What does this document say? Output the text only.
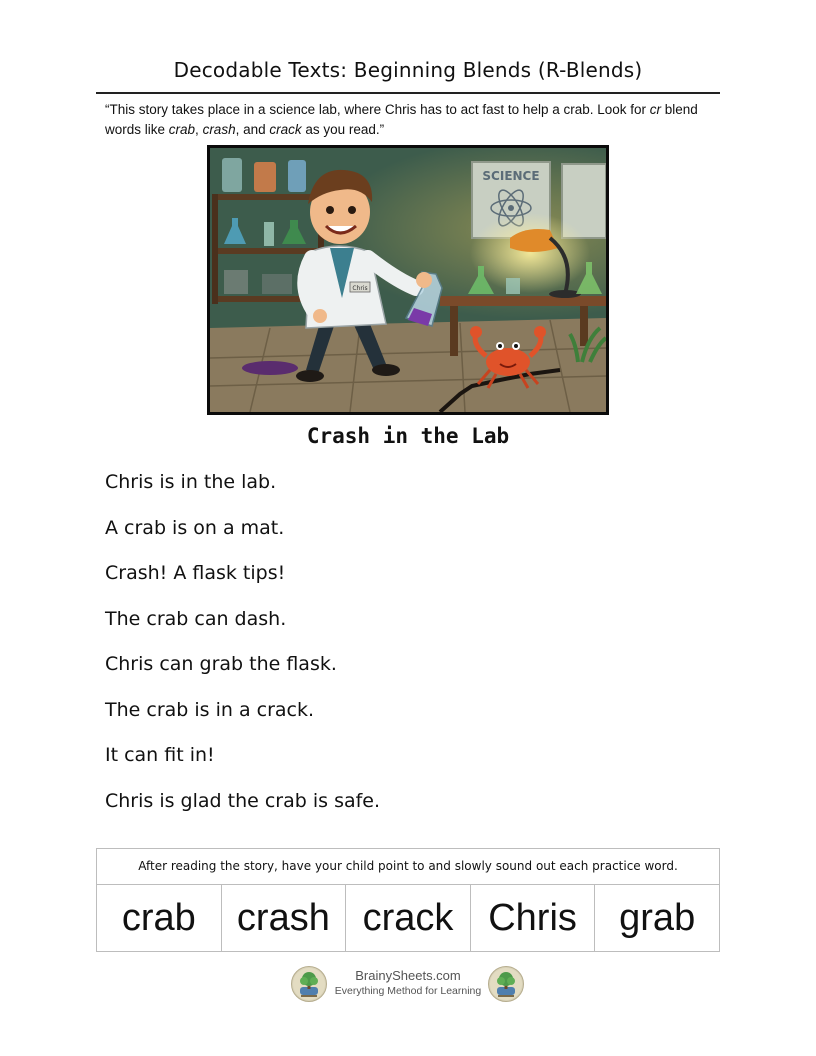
Decodable Texts: Beginning Blends (R-Blends)
“This story takes place in a science lab, where Chris has to act fast to help a crab. Look for cr blend words like crab, crash, and crack as you read.”
SCIENCE
Chris
Crash in the Lab
Chris is in the lab.
A crab is on a mat.
Crash! A flask tips!
The crab can dash.
Chris can grab the flask.
The crab is in a crack.
It can fit in!
Chris is glad the crab is safe.
After reading the story, have your child point to and slowly sound out each practice word.
crab	crash crack Chris	grab
BrainySheets.com
Everything Method for Learning
